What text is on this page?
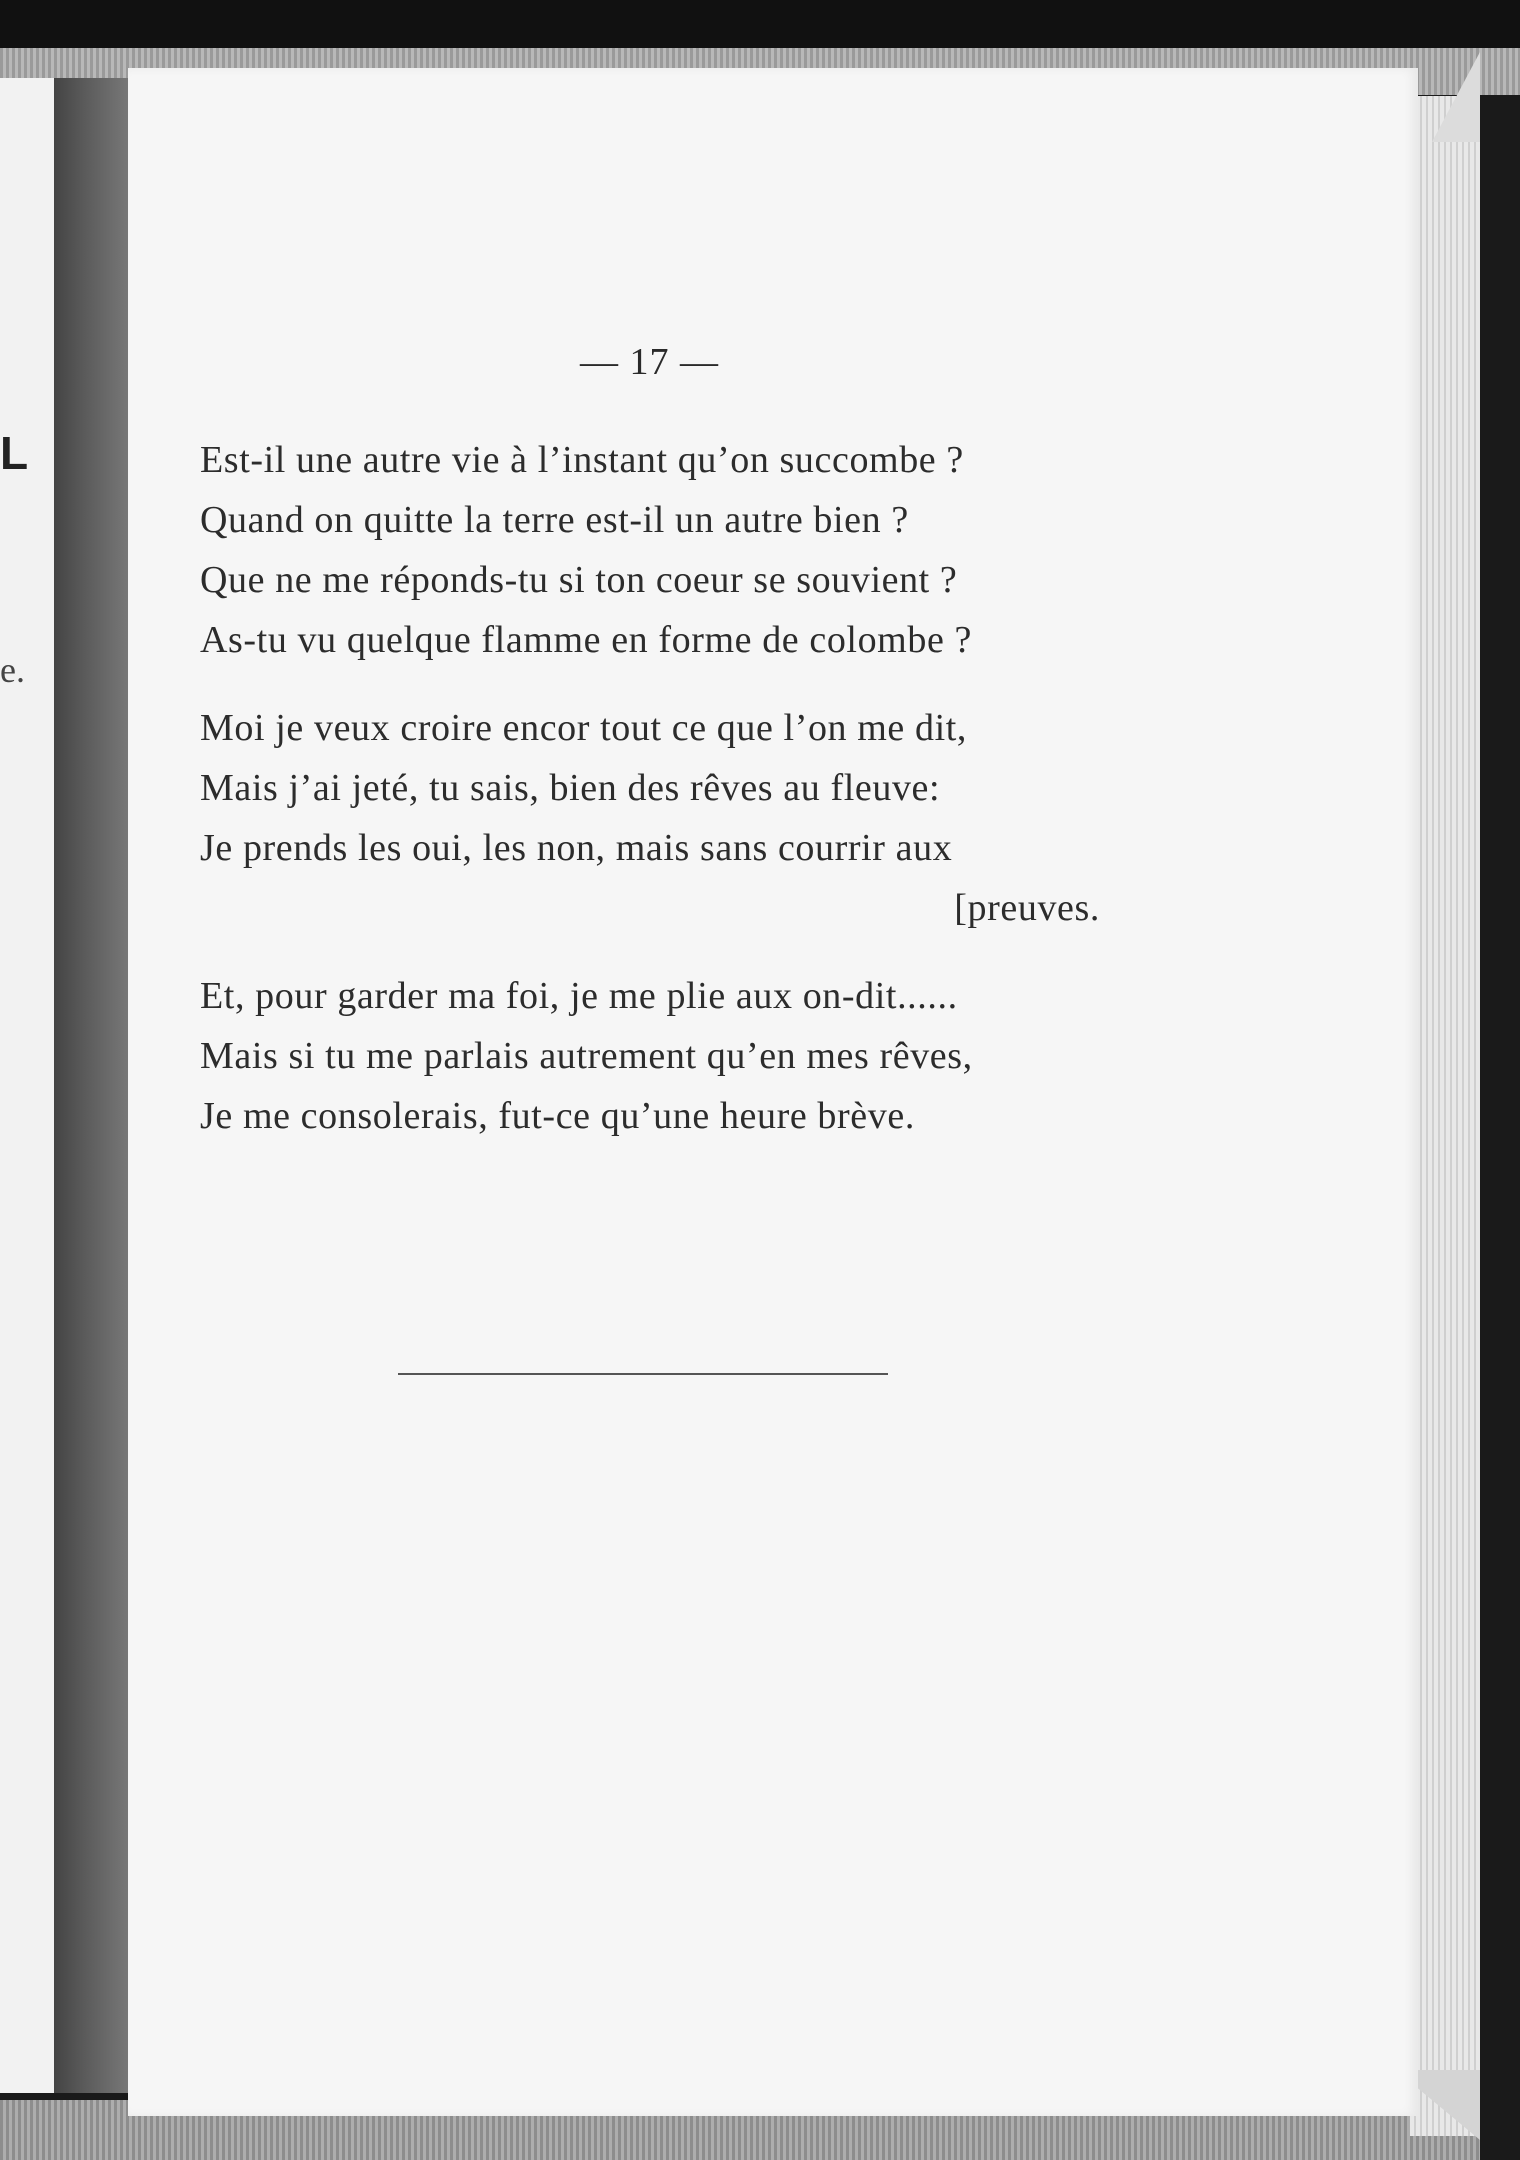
L
e.
— 17 —
Est-il une autre vie à l’instant qu’on succombe ?
Quand on quitte la terre est-il un autre bien ?
Que ne me réponds-tu si ton coeur se souvient ?
As-tu vu quelque flamme en forme de colombe ?
Moi je veux croire encor tout ce que l’on me dit,
Mais j’ai jeté, tu sais, bien des rêves au fleuve:
Je prends les oui, les non, mais sans courrir aux
[preuves.
Et, pour garder ma foi, je me plie aux on-dit......
Mais si tu me parlais autrement qu’en mes rêves,
Je me consolerais, fut-ce qu’une heure brève.
